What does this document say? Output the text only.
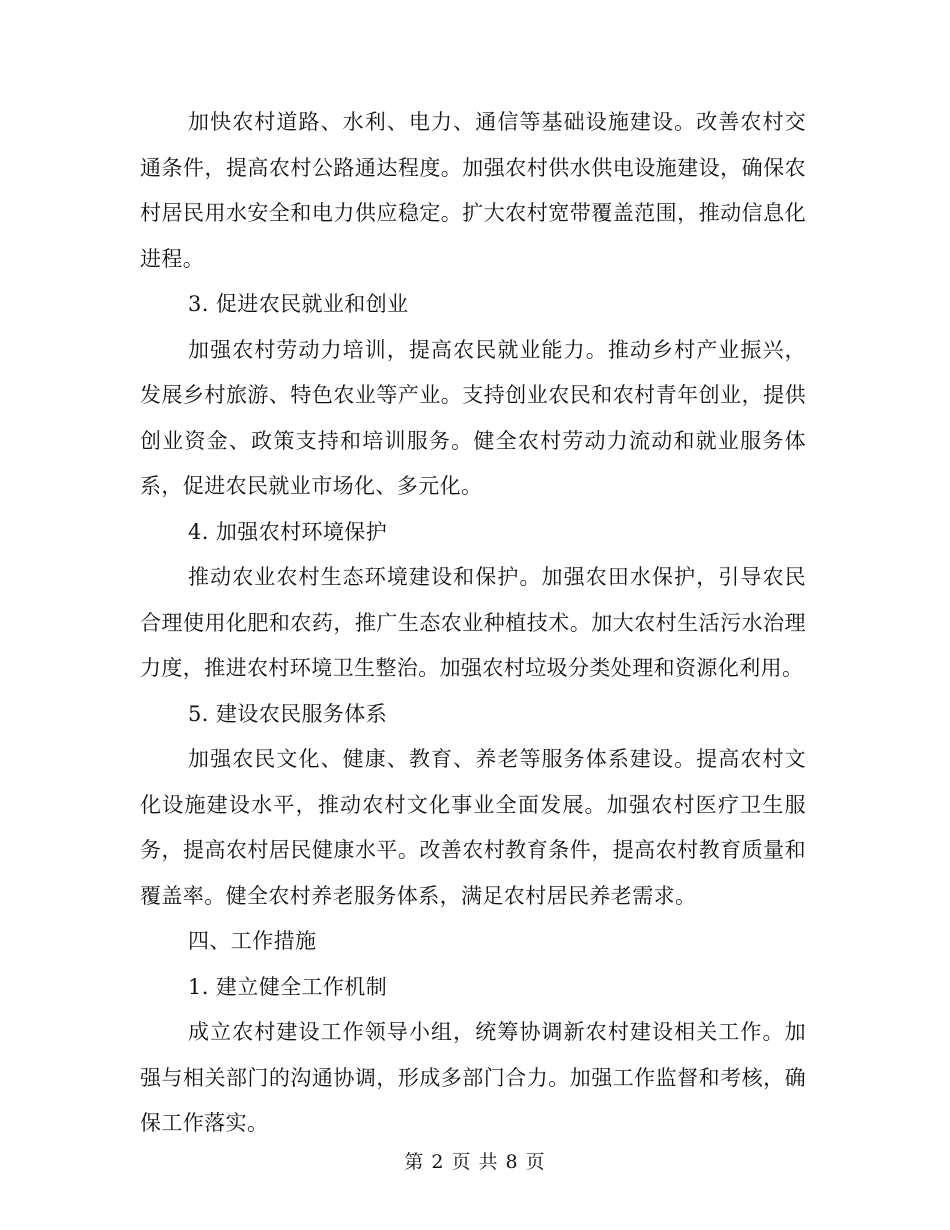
加快农村道路、水利、电力、通信等基础设施建设。改善农村交通条件，提高农村公路通达程度。加强农村供水供电设施建设，确保农村居民用水安全和电力供应稳定。扩大农村宽带覆盖范围，推动信息化进程。

3. 促进农民就业和创业

加强农村劳动力培训，提高农民就业能力。推动乡村产业振兴，发展乡村旅游、特色农业等产业。支持创业农民和农村青年创业，提供创业资金、政策支持和培训服务。健全农村劳动力流动和就业服务体系，促进农民就业市场化、多元化。

4. 加强农村环境保护

推动农业农村生态环境建设和保护。加强农田水保护，引导农民合理使用化肥和农药，推广生态农业种植技术。加大农村生活污水治理力度，推进农村环境卫生整治。加强农村垃圾分类处理和资源化利用。

5. 建设农民服务体系

加强农民文化、健康、教育、养老等服务体系建设。提高农村文化设施建设水平，推动农村文化事业全面发展。加强农村医疗卫生服务，提高农村居民健康水平。改善农村教育条件，提高农村教育质量和覆盖率。健全农村养老服务体系，满足农村居民养老需求。

四、工作措施

1. 建立健全工作机制

成立农村建设工作领导小组，统筹协调新农村建设相关工作。加强与相关部门的沟通协调，形成多部门合力。加强工作监督和考核，确保工作落实。

第 2 页 共 8 页
